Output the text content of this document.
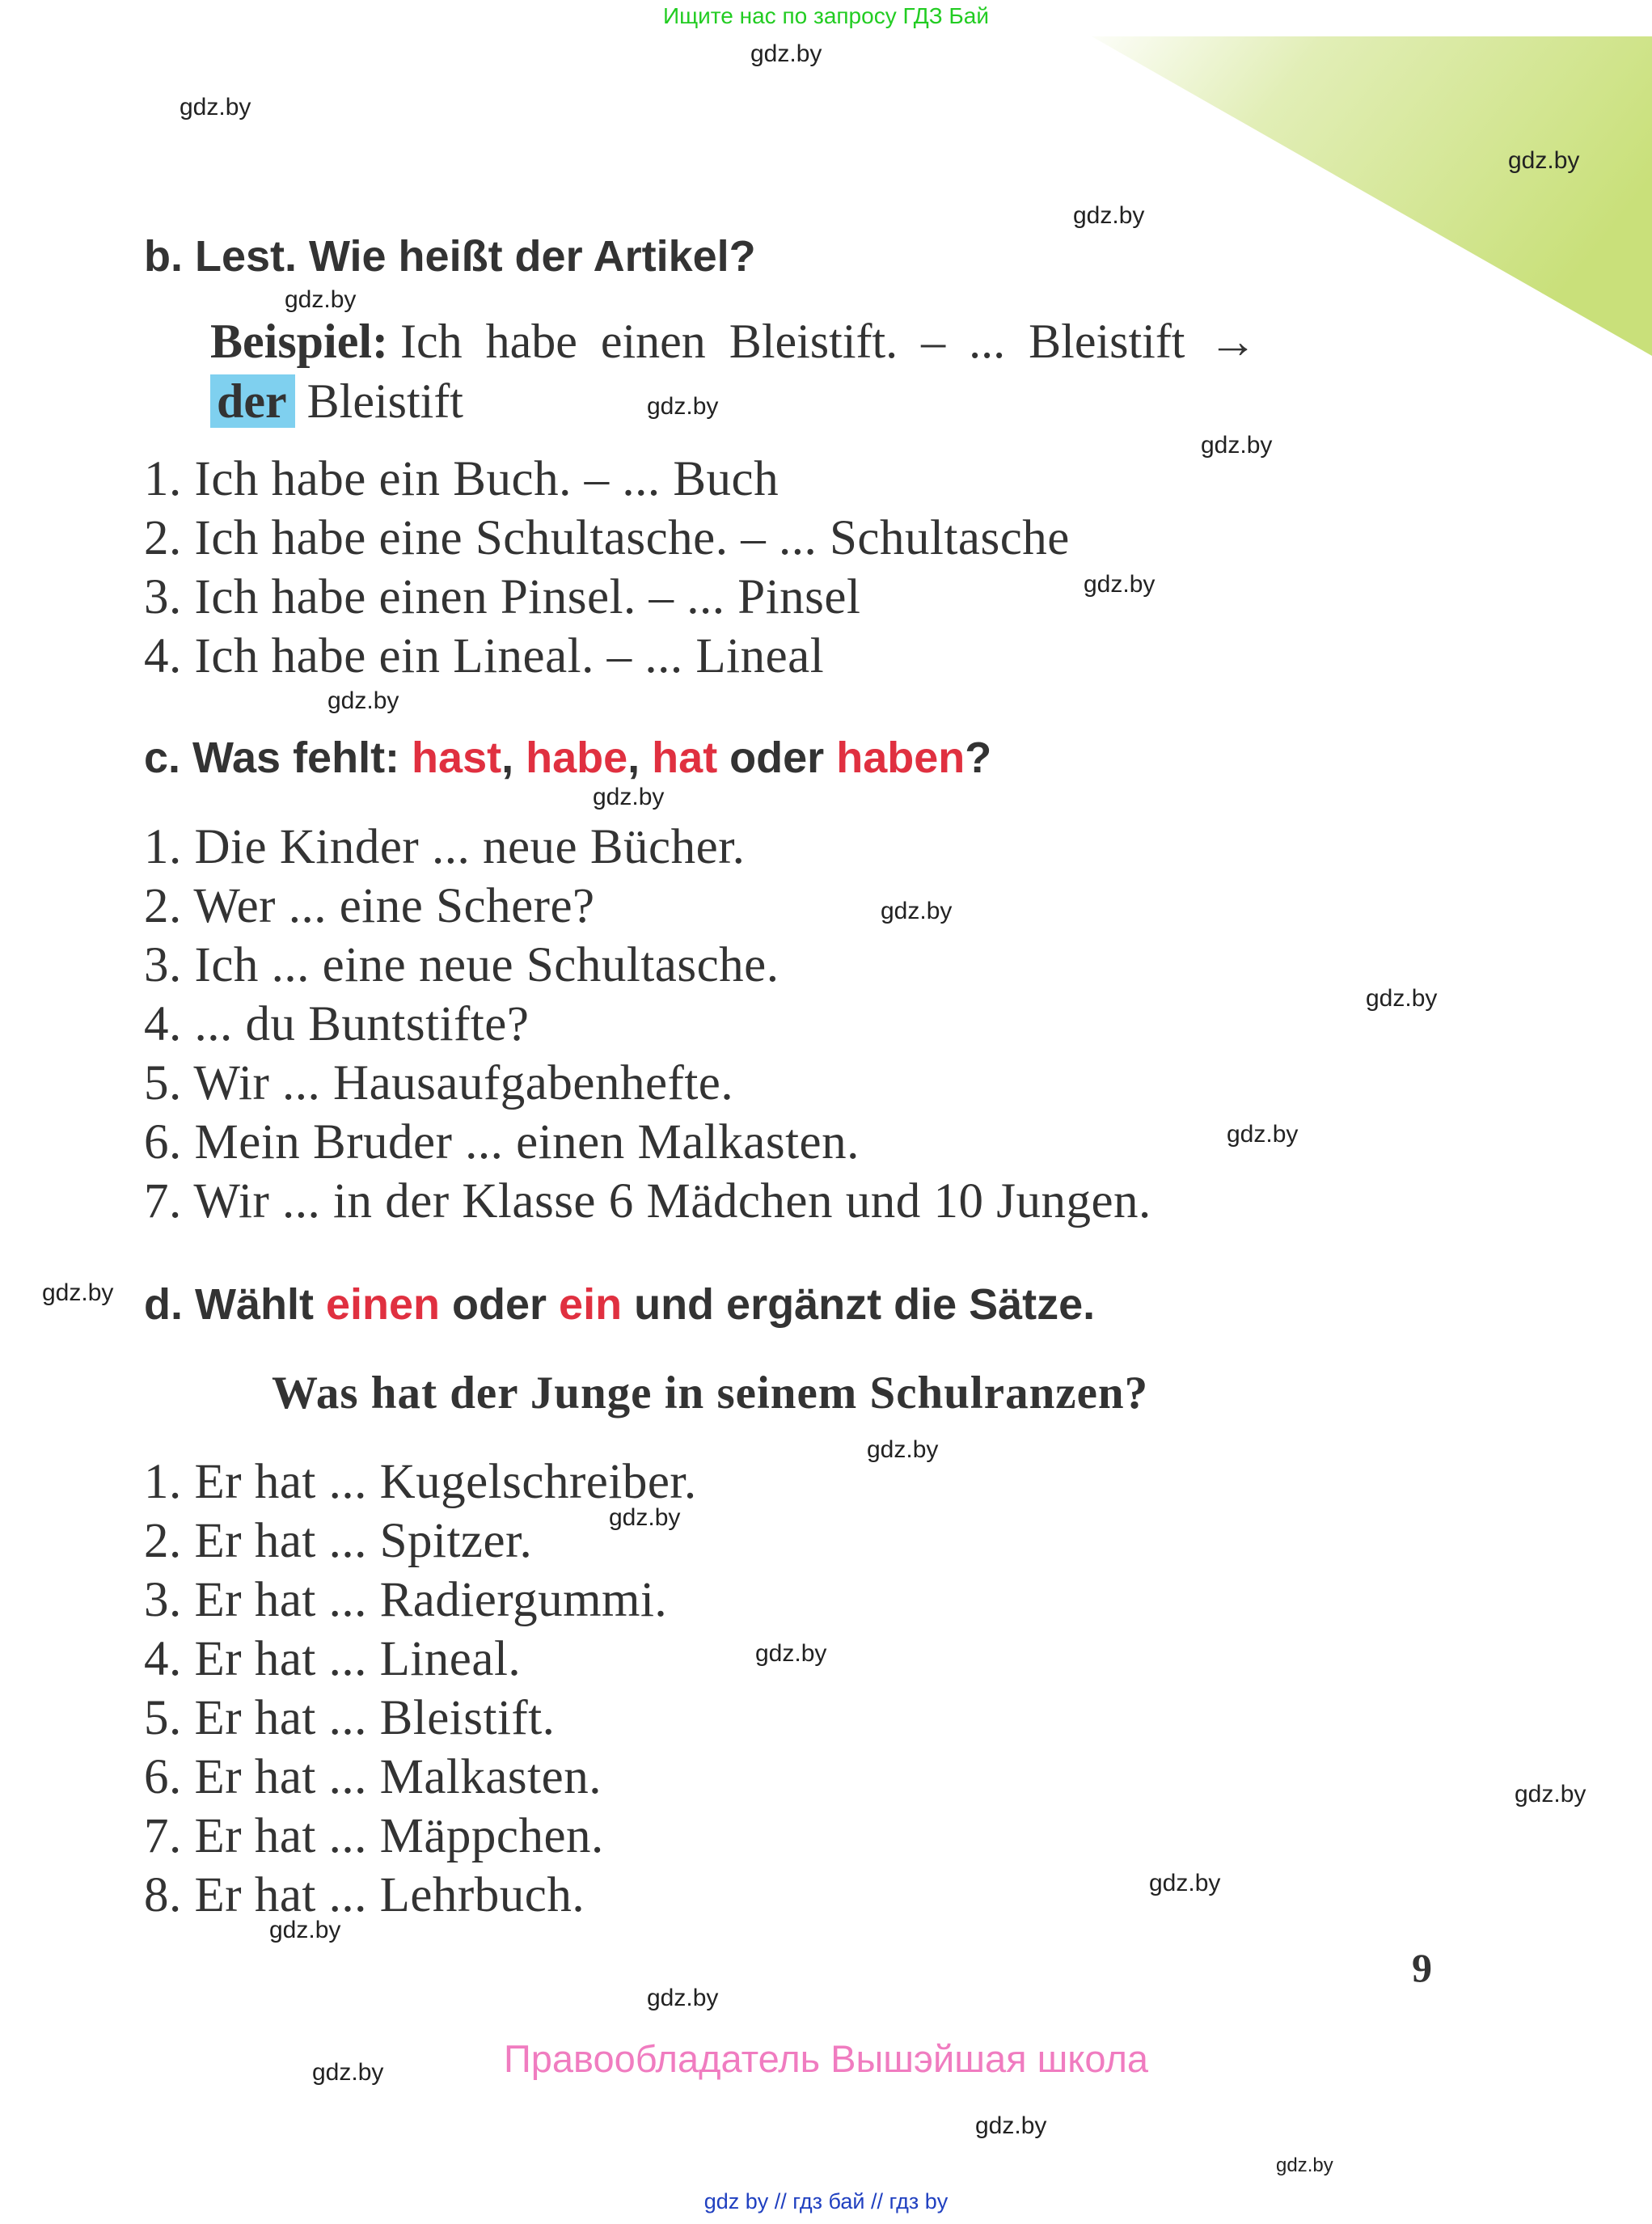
Ищите нас по запросу ГДЗ Бай
gdz.by
gdz.by
gdz.by
gdz.by
gdz.by
gdz.by
gdz.by
gdz.by
gdz.by
gdz.by
gdz.by
gdz.by
gdz.by
gdz.by
gdz.by
gdz.by
gdz.by
gdz.by
gdz.by
gdz.by
gdz.by
gdz.by
gdz.by
gdz.by
b. Lest. Wie heißt der Artikel?
Beispiel: Ich habe einen Bleistift. – ... Bleistift →
der Bleistift
1. Ich habe ein Buch. – ... Buch
2. Ich habe eine Schultasche. – ... Schultasche
3. Ich habe einen Pinsel. – ... Pinsel
4. Ich habe ein Lineal. – ... Lineal
c. Was fehlt: hast, habe, hat oder haben?
1. Die Kinder ... neue Bücher.
2. Wer ... eine Schere?
3. Ich ... eine neue Schultasche.
4. ... du Buntstifte?
5. Wir ... Hausaufgabenhefte.
6. Mein Bruder ... einen Malkasten.
7. Wir ... in der Klasse 6 Mädchen und 10 Jungen.
d. Wählt einen oder ein und ergänzt die Sätze.
Was hat der Junge in seinem Schulranzen?
1. Er hat ... Kugelschreiber.
2. Er hat ... Spitzer.
3. Er hat ... Radiergummi.
4. Er hat ... Lineal.
5. Er hat ... Bleistift.
6. Er hat ... Malkasten.
7. Er hat ... Mäppchen.
8. Er hat ... Lehrbuch.
9
Правообладатель Вышэйшая школа
gdz by // гдз бай // гдз by
